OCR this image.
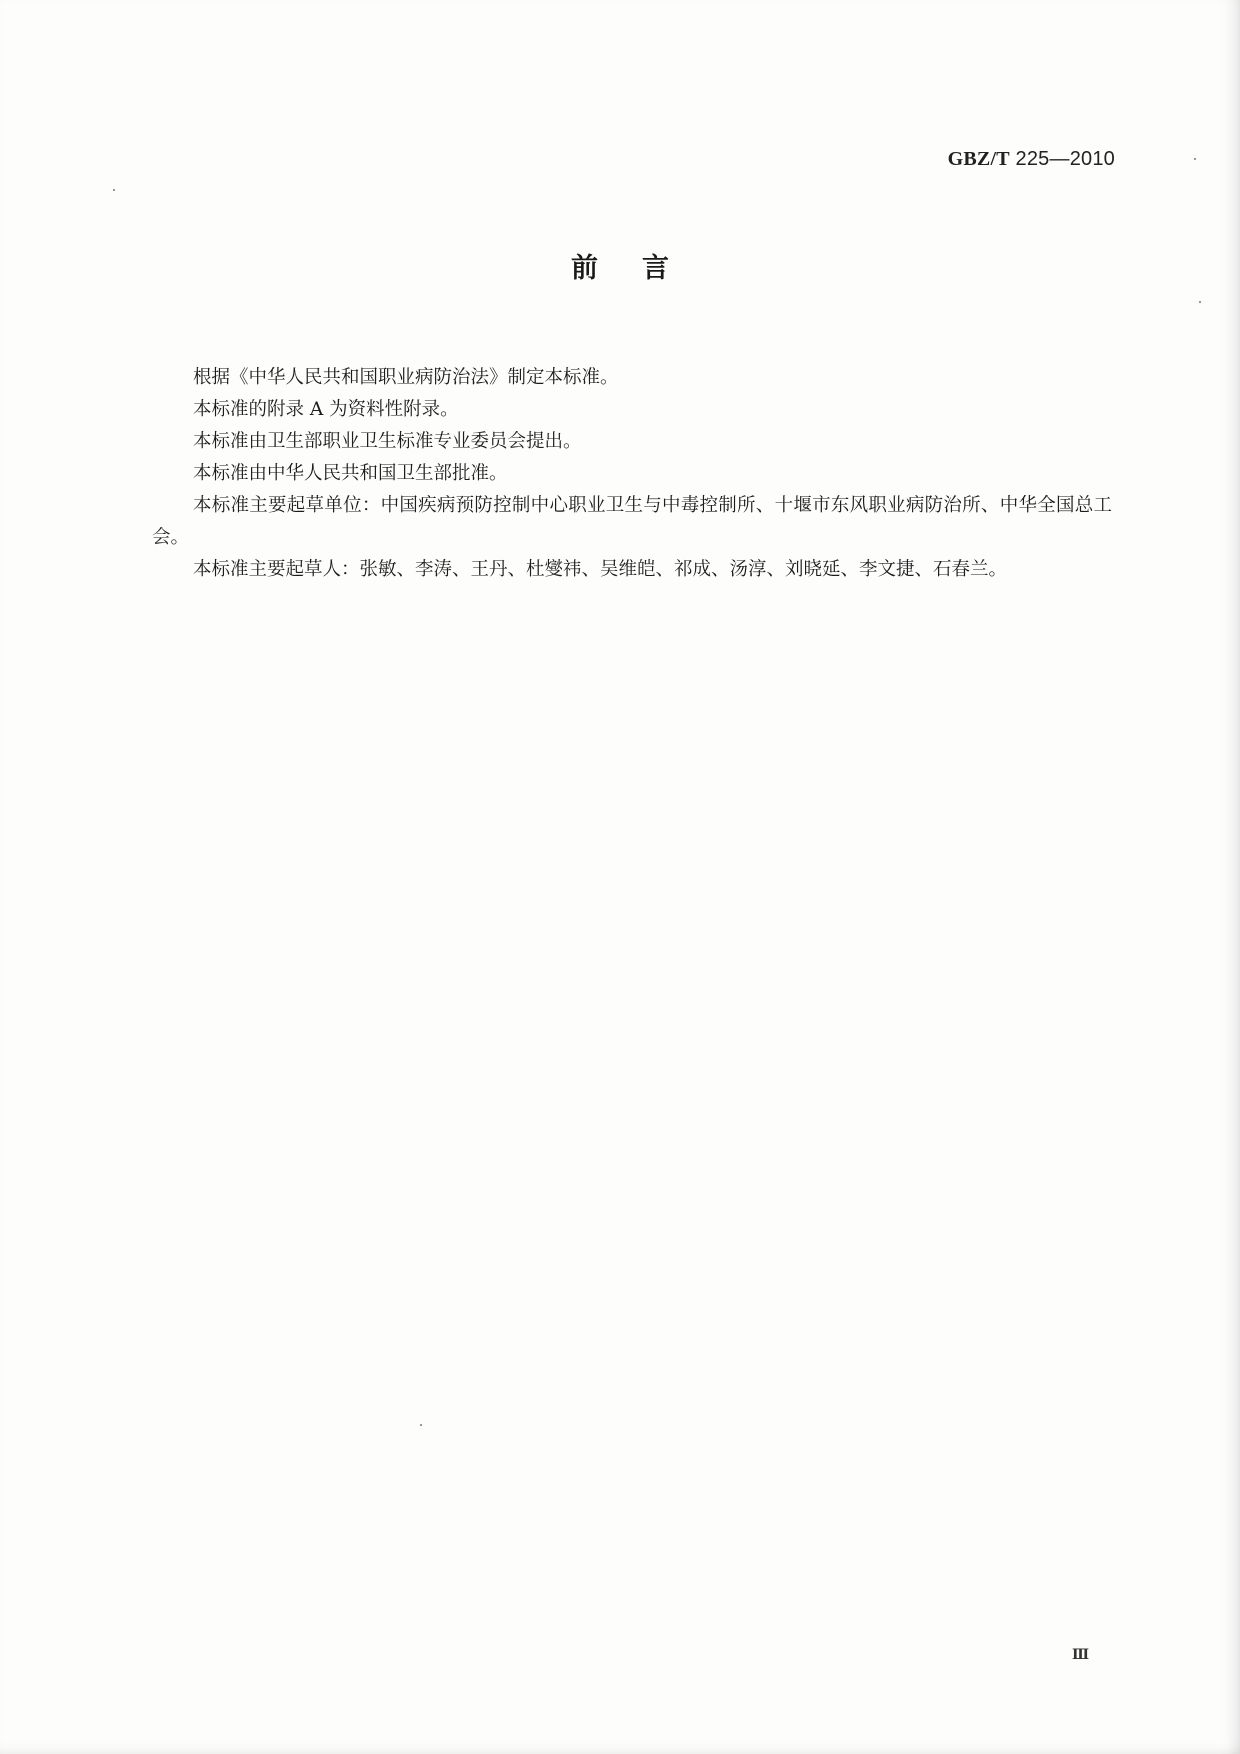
GBZ/T 225—2010
前言

根据《中华人民共和国职业病防治法》制定本标准。

本标准的附录 A 为资料性附录。

本标准由卫生部职业卫生标准专业委员会提出。

本标准由中华人民共和国卫生部批准。

本标准主要起草单位：中国疾病预防控制中心职业卫生与中毒控制所、十堰市东风职业病防治所、中华全国总工会。

本标准主要起草人：张敏、李涛、王丹、杜燮祎、吴维皑、祁成、汤淳、刘晓延、李文捷、石春兰。

Ⅲ
